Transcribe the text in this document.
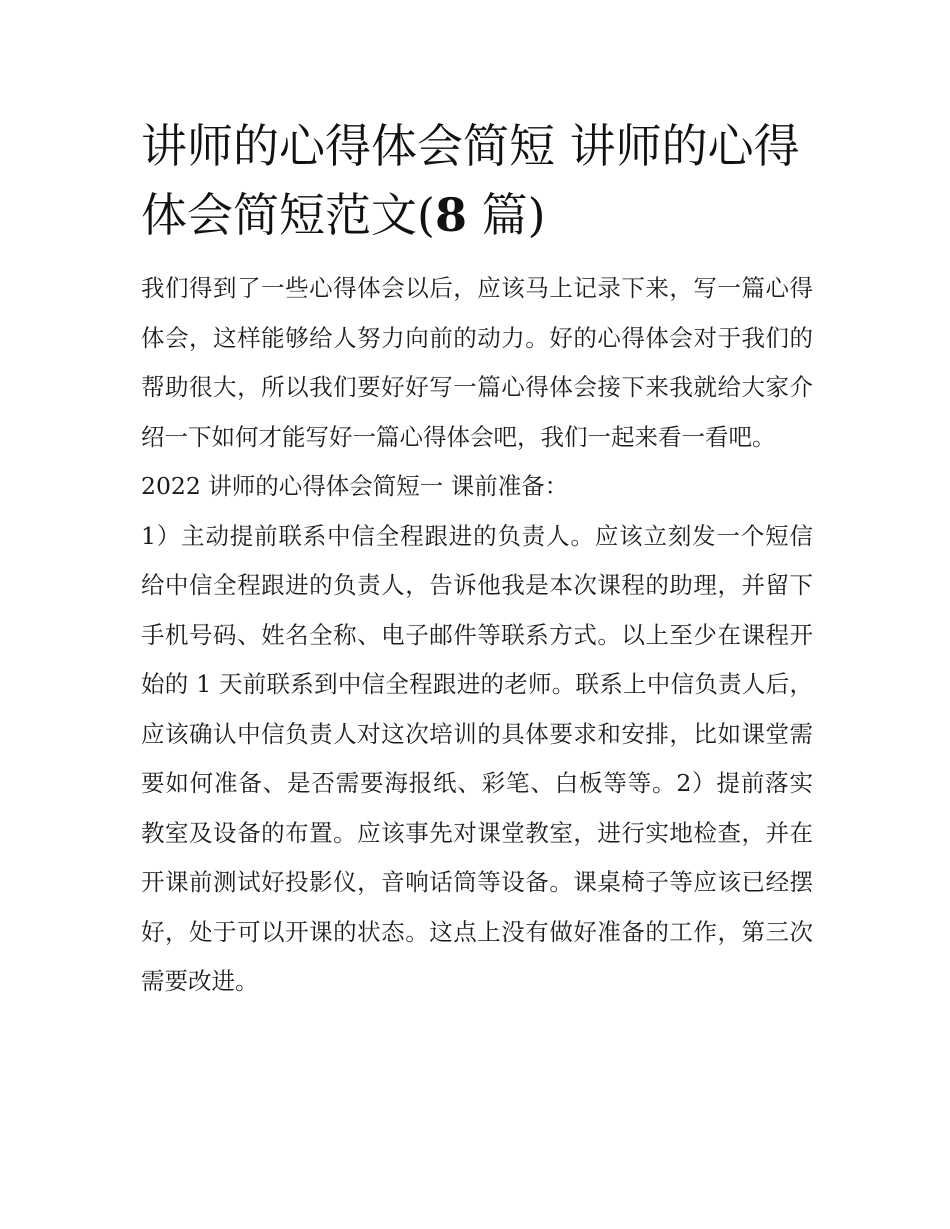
讲师的心得体会简短 讲师的心得体会简短范文(8 篇)

我们得到了一些心得体会以后，应该马上记录下来，写一篇心得体会，这样能够给人努力向前的动力。好的心得体会对于我们的帮助很大，所以我们要好好写一篇心得体会接下来我就给大家介绍一下如何才能写好一篇心得体会吧，我们一起来看一看吧。

2022 讲师的心得体会简短一 课前准备：

1）主动提前联系中信全程跟进的负责人。应该立刻发一个短信给中信全程跟进的负责人，告诉他我是本次课程的助理，并留下手机号码、姓名全称、电子邮件等联系方式。以上至少在课程开始的 1 天前联系到中信全程跟进的老师。联系上中信负责人后，应该确认中信负责人对这次培训的具体要求和安排，比如课堂需要如何准备、是否需要海报纸、彩笔、白板等等。2）提前落实教室及设备的布置。应该事先对课堂教室，进行实地检查，并在开课前测试好投影仪，音响话筒等设备。课桌椅子等应该已经摆好，处于可以开课的状态。这点上没有做好准备的工作，第三次需要改进。
